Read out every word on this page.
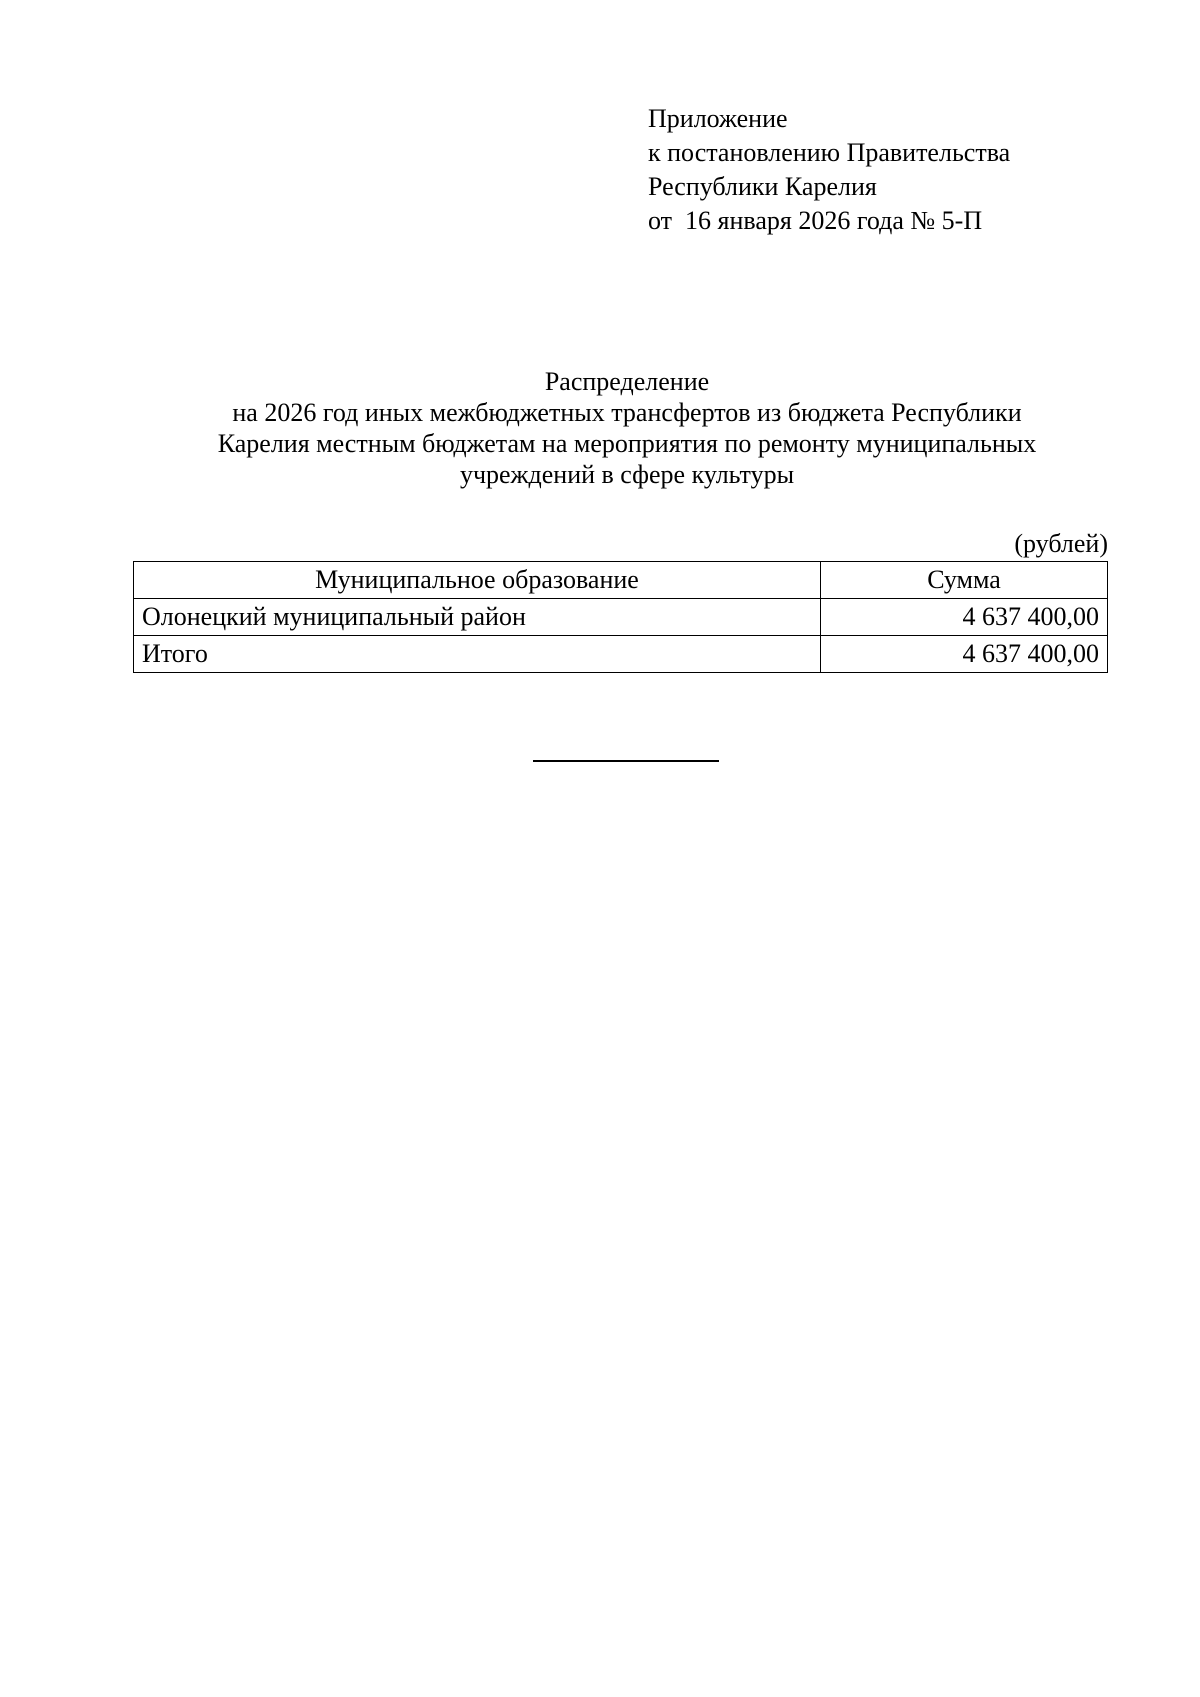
Приложение
к постановлению Правительства
Республики Карелия
от  16 января 2026 года № 5-П
Распределение
на 2026 год иных межбюджетных трансфертов из бюджета Республики
Карелия местным бюджетам на мероприятия по ремонту муниципальных
учреждений в сфере культуры
(рублей)
Муниципальное образование	Сумма
Олонецкий муниципальный район	4 637 400,00
Итого	4 637 400,00
